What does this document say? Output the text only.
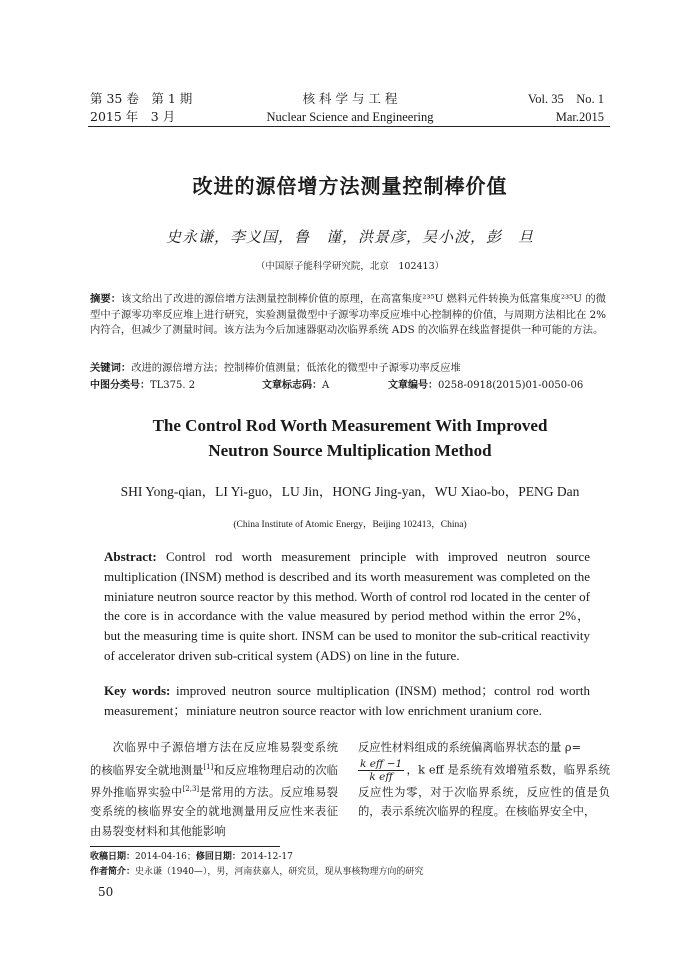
第 35 卷　第 1 期
2015 年　3 月
核 科 学 与 工 程
Nuclear Science and Engineering
Vol. 35　No. 1
Mar.2015
改进的源倍增方法测量控制棒价值
史永谦，李义国，鲁　谨，洪景彦，吴小波，彭　旦
（中国原子能科学研究院，北京　102413）
摘要：该文给出了改进的源倍增方法测量控制棒价值的原理，在高富集度²³⁵U 燃料元件转换为低富集度²³⁵U 的微型中子源零功率反应堆上进行研究，实验测量微型中子源零功率反应堆中心控制棒的价值，与周期方法相比在 2%内符合，但减少了测量时间。该方法为今后加速器驱动次临界系统 ADS 的次临界在线监督提供一种可能的方法。
关键词：改进的源倍增方法；控制棒价值测量；低浓化的微型中子源零功率反应堆
中图分类号：TL375. 2	文章标志码：A	文章编号：0258-0918(2015)01-0050-06
The Control Rod Worth Measurement With Improved
Neutron Source Multiplication Method
SHI Yong-qian，LI Yi-guo，LU Jin，HONG Jing-yan，WU Xiao-bo，PENG Dan
(China Institute of Atomic Energy，Beijing 102413，China)
Abstract: Control rod worth measurement principle with improved neutron source multiplication (INSM) method is described and its worth measurement was completed on the miniature neutron source reactor by this method. Worth of control rod located in the center of the core is in accordance with the value measured by period method within the error 2%，but the measuring time is quite short. INSM can be used to monitor the sub-critical reactivity of accelerator driven sub-critical system (ADS) on line in the future.
Key words: improved neutron source multiplication (INSM) method；control rod worth measurement；miniature neutron source reactor with low enrichment uranium core.
次临界中子源倍增方法在反应堆易裂变系统的核临界安全就地测量[1]和反应堆物理启动的次临界外推临界实验中[2,3]是常用的方法。反应堆易裂变系统的核临界安全的就地测量用反应性来表征由易裂变材料和其他能影响
反应性材料组成的系统偏离临界状态的量 ρ=

$\frac{\text{k eff −1}}{\text{k eff}}$ ，k eff 是系统有效增殖系数，临界系统反应性为零，对于次临界系统，反应性的值是负的，表示系统次临界的程度。在核临界安全中，
收稿日期：2014-04-16；修回日期：2014-12-17
作者简介：史永谦（1940—），男，河南获嘉人，研究员，现从事核物理方向的研究
50
